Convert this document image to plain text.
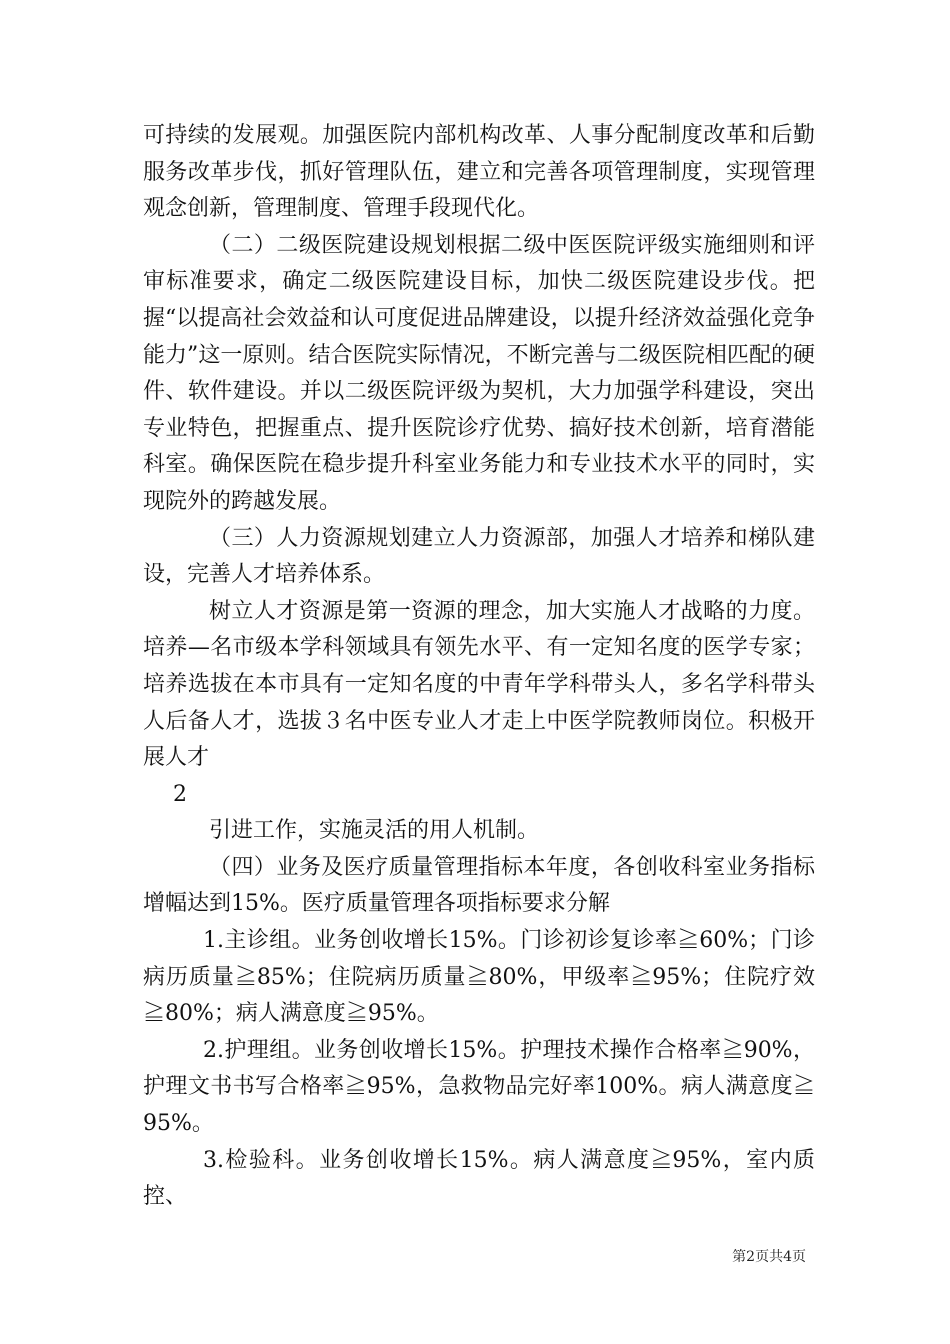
可持续的发展观。加强医院内部机构改革、人事分配制度改革和后勤服务改革步伐，抓好管理队伍，建立和完善各项管理制度，实现管理观念创新，管理制度、管理手段现代化。

（二）二级医院建设规划根据二级中医医院评级实施细则和评审标准要求，确定二级医院建设目标，加快二级医院建设步伐。把握“以提高社会效益和认可度促进品牌建设，以提升经济效益强化竞争能力”这一原则。结合医院实际情况，不断完善与二级医院相匹配的硬件、软件建设。并以二级医院评级为契机，大力加强学科建设，突出专业特色，把握重点、提升医院诊疗优势、搞好技术创新，培育潜能科室。确保医院在稳步提升科室业务能力和专业技术水平的同时，实现院外的跨越发展。

（三）人力资源规划建立人力资源部，加强人才培养和梯队建设，完善人才培养体系。

树立人才资源是第一资源的理念，加大实施人才战略的力度。培养—名市级本学科领域具有领先水平、有一定知名度的医学专家；培养选拔在本市具有一定知名度的中青年学科带头人，多名学科带头人后备人才，选拔３名中医专业人才走上中医学院教师岗位。积极开展人才

2

引进工作，实施灵活的用人机制。

（四）业务及医疗质量管理指标本年度，各创收科室业务指标增幅达到15%。医疗质量管理各项指标要求分解

1.主诊组。业务创收增长15%。门诊初诊复诊率≧60%；门诊病历质量≧85%；住院病历质量≧80%，甲级率≧95%；住院疗效≧80%；病人满意度≧95%。

2.护理组。业务创收增长15%。护理技术操作合格率≧90%，护理文书书写合格率≧95%，急救物品完好率100%。病人满意度≧95%。

3.检验科。业务创收增长15%。病人满意度≧95%，室内质控、

第2页共4页
